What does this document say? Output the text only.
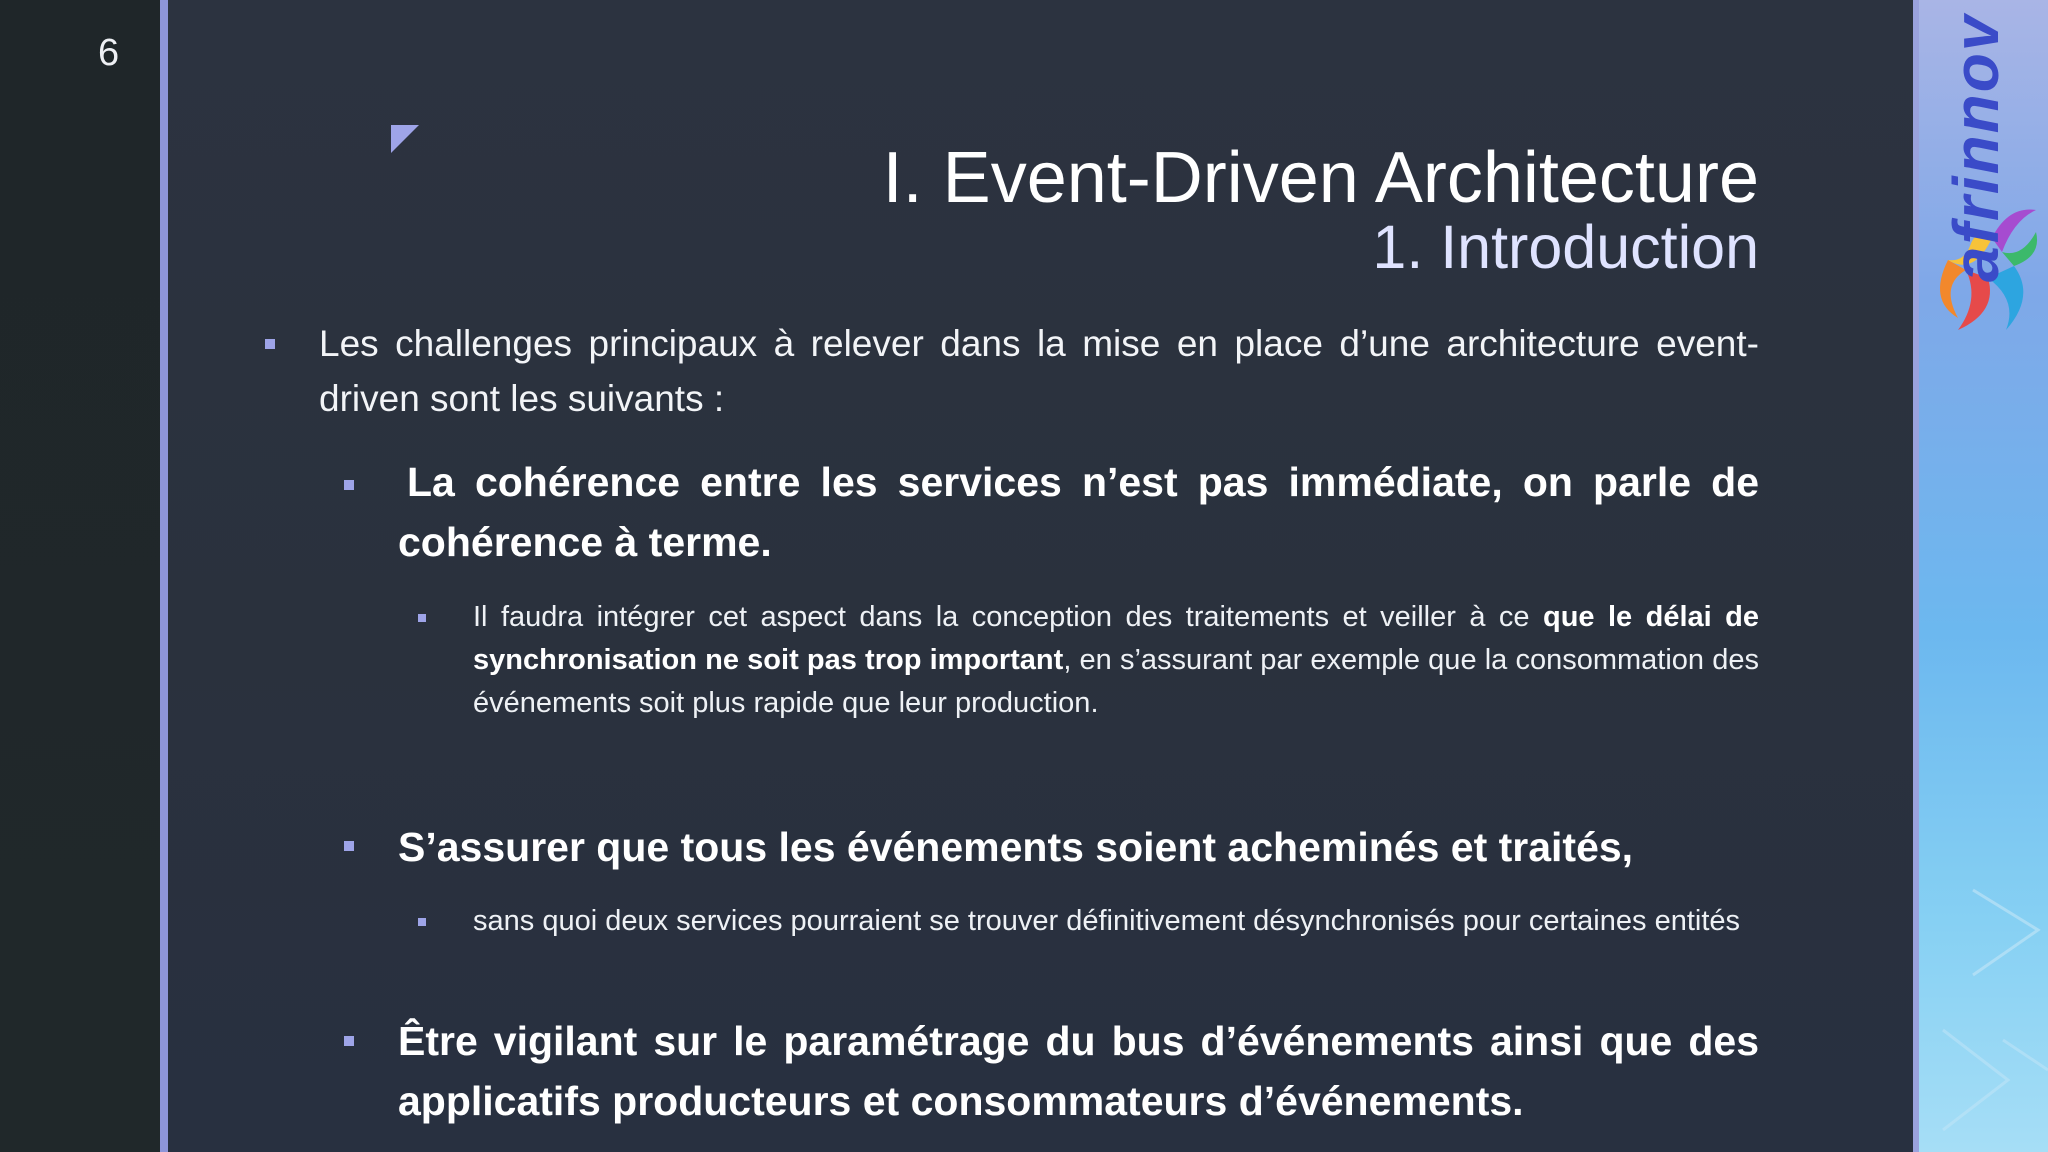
6	afrinnov
I. Event-Driven Architecture
1. Introduction
Les challenges principaux à relever dans la mise en place d’une architecture event-driven sont les suivants :
La cohérence entre les services n’est pas immédiate, on parle de cohérence à terme.
Il faudra intégrer cet aspect dans la conception des traitements et veiller à ce que le délai de synchronisation ne soit pas trop important, en s’assurant par exemple que la consommation des événements soit plus rapide que leur production.
S’assurer que tous les événements soient acheminés et traités,
sans quoi deux services pourraient se trouver définitivement désynchronisés pour certaines entités
Être vigilant sur le paramétrage du bus d’événements ainsi que des applicatifs producteurs et consommateurs d’événements.
